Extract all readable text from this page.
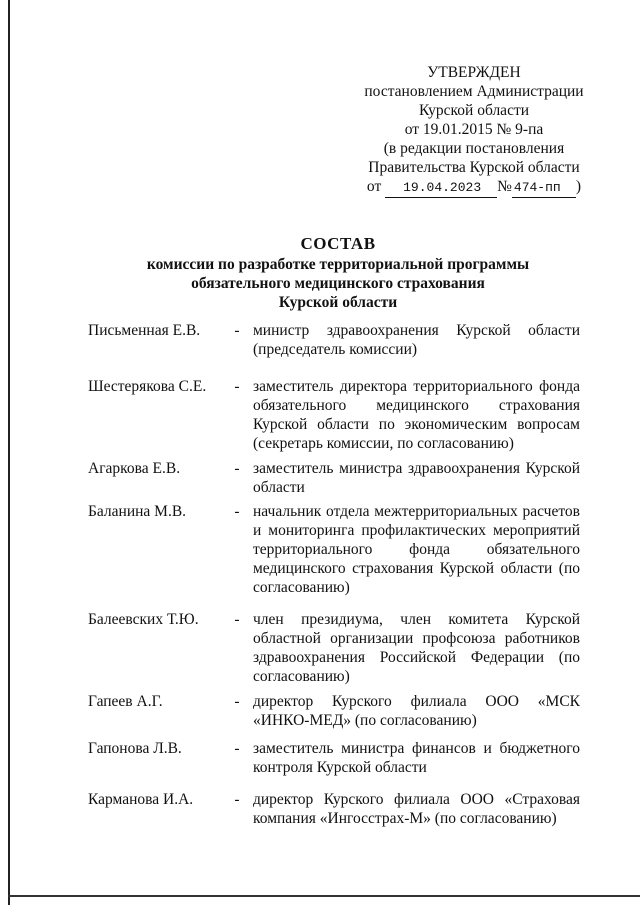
УТВЕРЖДЕН
постановлением Администрации
Курской области
от 19.01.2015 № 9-па
(в редакции постановления
Правительства Курской области
от 19.04.2023 № 474-пп )
СОСТАВ
комиссии по разработке территориальной программы
обязательного медицинского страхования
Курской области
Письменная Е.В.	- министр здравоохранения Курской области (председатель комиссии)
Шестерякова С.Е.	- заместитель директора территориального фонда обязательного медицинского страхования Курской области по экономическим вопросам (секретарь комиссии, по согласованию)
Агаркова Е.В.	- заместитель министра здравоохранения Курской области
Баланина М.В.	- начальник отдела межтерриториальных расчетов и мониторинга профилактических мероприятий территориального фонда обязательного медицинского страхования Курской области (по согласованию)
Балеевских Т.Ю.	- член президиума, член комитета Курской областной организации профсоюза работников здравоохранения Российской Федерации (по согласованию)
Гапеев А.Г.	- директор Курского филиала ООО «МСК «ИНКО-МЕД» (по согласованию)
Гапонова Л.В.	- заместитель министра финансов и бюджетного контроля Курской области
Карманова И.А.	- директор Курского филиала ООО «Страховая компания «Ингосстрах-М» (по согласованию)
